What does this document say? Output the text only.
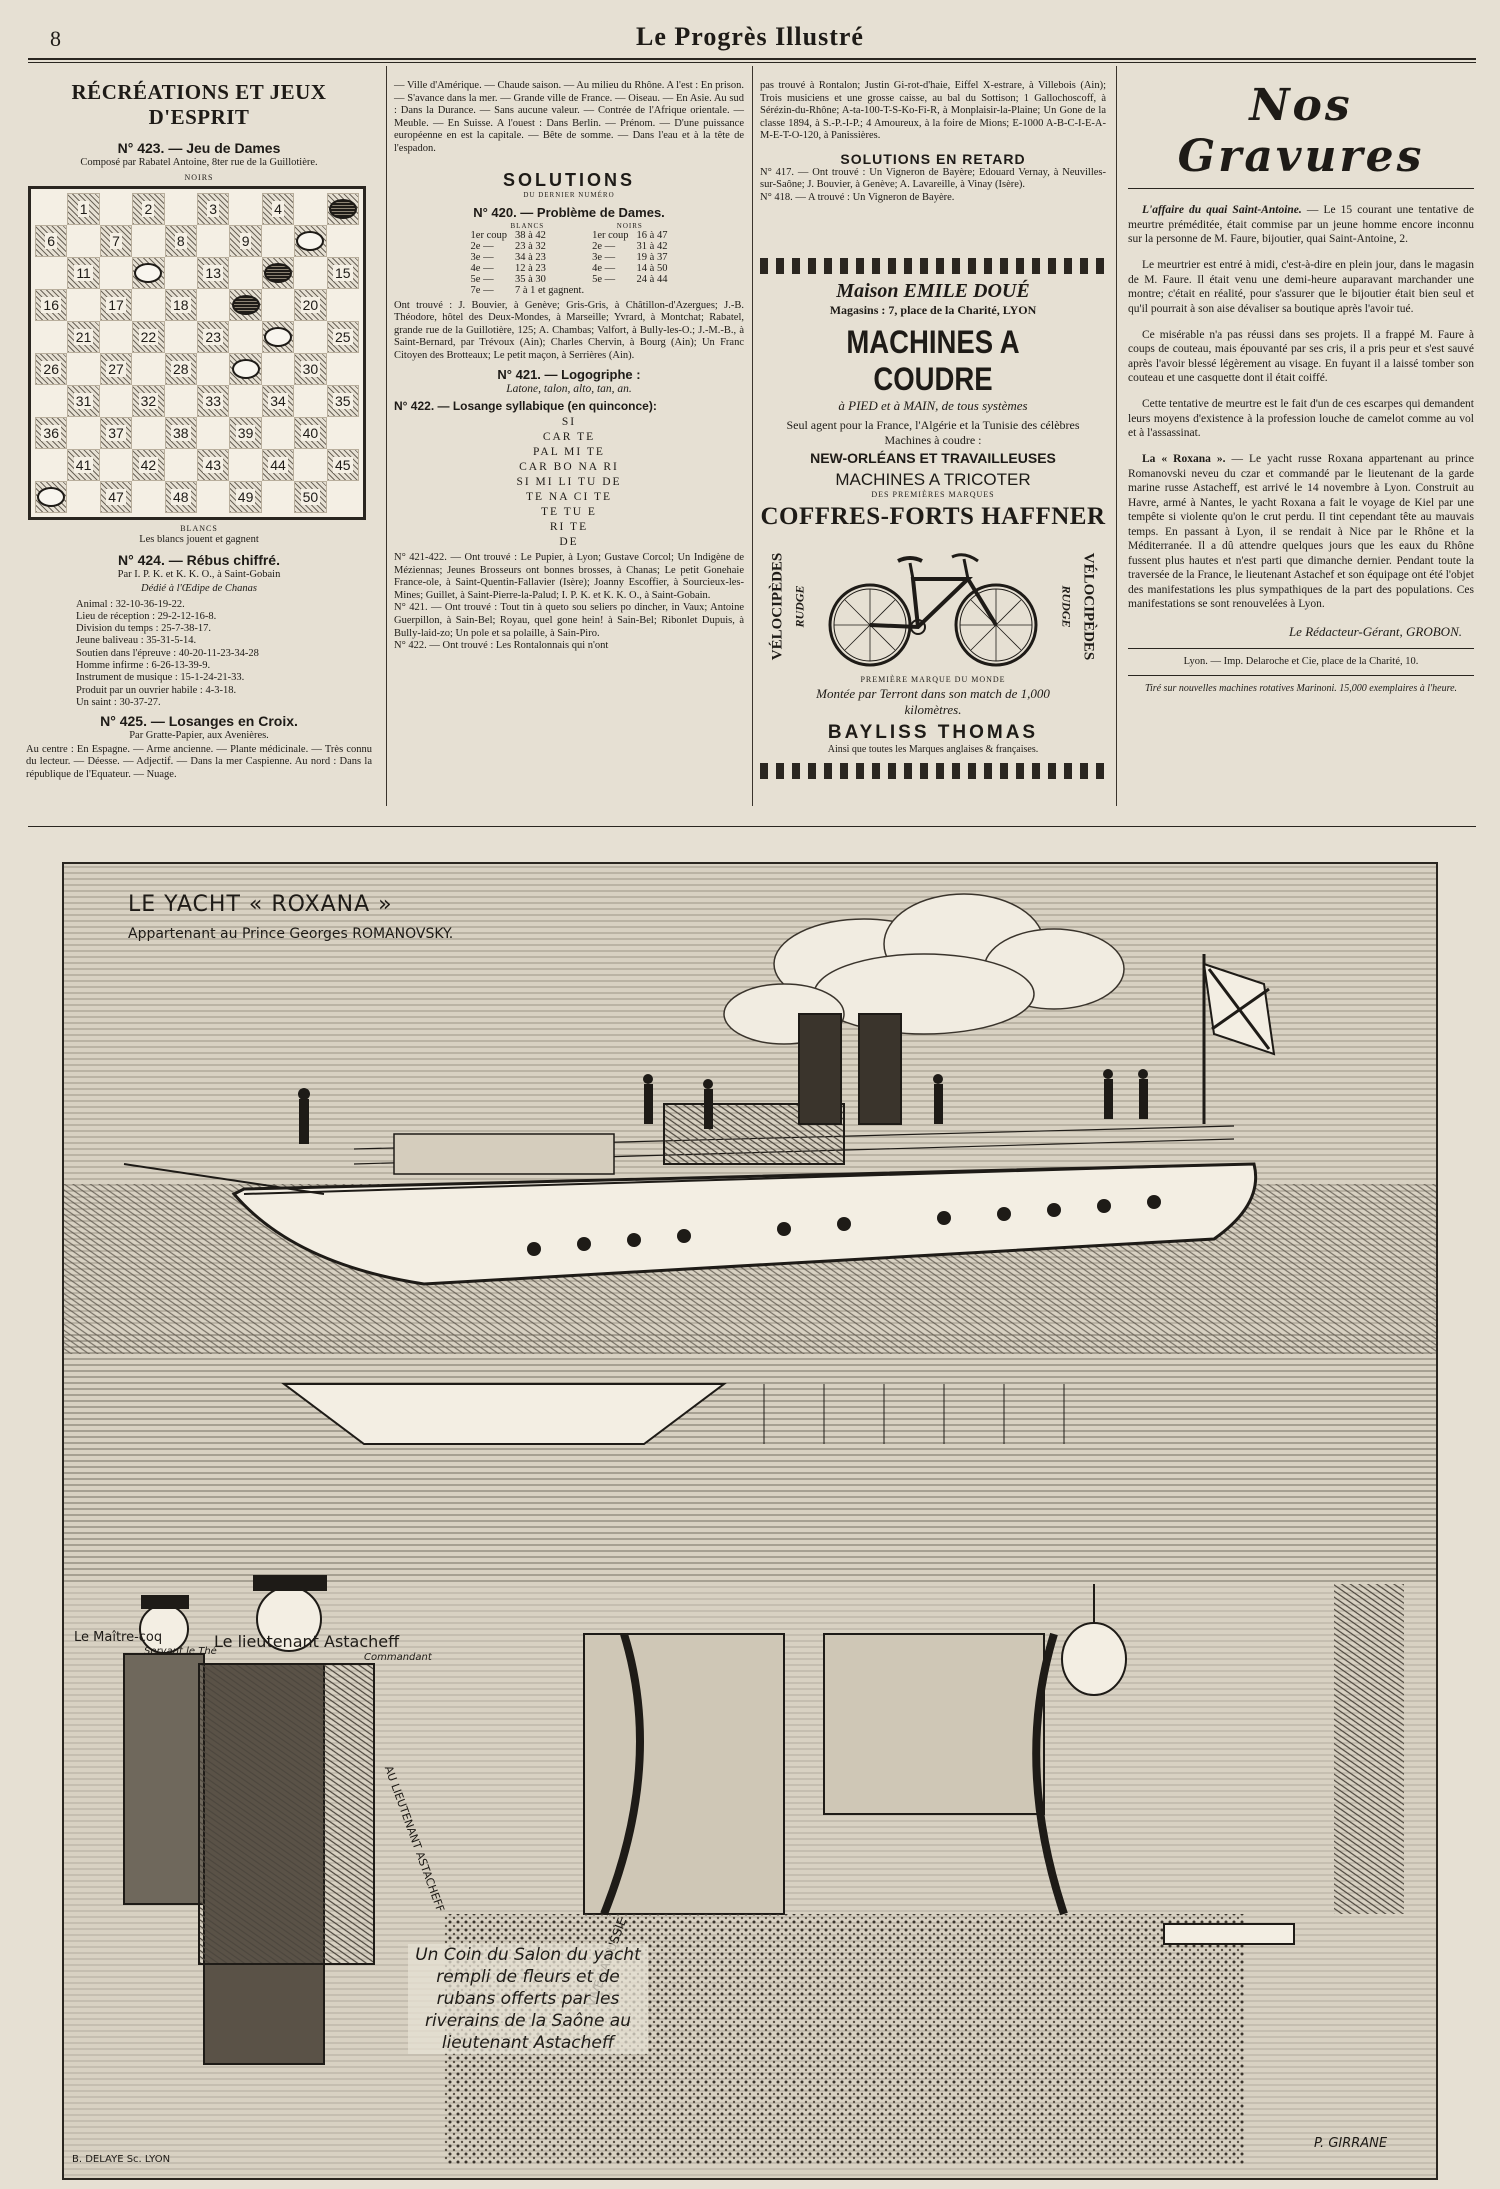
8	Le Progrès Illustré
RÉCRÉATIONS ET JEUX D'ESPRIT
N° 423. — Jeu de Dames
Composé par Rabatel Antoine, 8ter rue de la Guillotière.
NOIRS
1	2	3	4
6	7	8	9
11	13	15
16	17	18	20
21	22	23	25
26	27	28	30
31	32	33	34	35
36	37	38	39	40
41	42	43	44	45
47	48	49	50
BLANCS
Les blancs jouent et gagnent
N° 424. — Rébus chiffré.
Par I. P. K. et K. K. O., à Saint-Gobain
Dédié à l'Œdipe de Chanas
Animal : 32-10-36-19-22.
Lieu de réception : 29-2-12-16-8.
Division du temps : 25-7-38-17.
Jeune baliveau : 35-31-5-14.
Soutien dans l'épreuve : 40-20-11-23-34-28
Homme infirme : 6-26-13-39-9.
Instrument de musique : 15-1-24-21-33.
Produit par un ouvrier habile : 4-3-18.
Un saint : 30-37-27.
N° 425. — Losanges en Croix.
Par Gratte-Papier, aux Avenières.
Au centre : En Espagne. — Arme ancienne. — Plante médicinale. — Très connu du lecteur. — Déesse. — Adjectif. — Dans la mer Caspienne. Au nord : Dans la république de l'Equateur. — Nuage.
— Ville d'Amérique. — Chaude saison. — Au milieu du Rhône. A l'est : En prison. — S'avance dans la mer. — Grande ville de France. — Oiseau. — En Asie. Au sud : Dans la Durance. — Sans aucune valeur. — Contrée de l'Afrique orientale. — Meuble. — En Suisse. A l'ouest : Dans Berlin. — Prénom. — D'une puissance européenne en est la capitale. — Bête de somme. — Dans l'eau et à la tête de l'espadon.
SOLUTIONS
DU DERNIER NUMÉRO
N° 420. — Problème de Dames.
BLANCS		NOIRS	
1er coup	38 à 42	1er coup	16 à 47
2e —	23 à 32	2e —	31 à 42
3e —	34 à 23	3e —	19 à 37
4e —	12 à 23	4e —	14 à 50
5e —	35 à 30	5e —	24 à 44
7e —	7 à 1 et gagnent.		
Ont trouvé : J. Bouvier, à Genève; Gris-Gris, à Châtillon-d'Azergues; J.-B. Théodore, hôtel des Deux-Mondes, à Marseille; Yvrard, à Montchat; Rabatel, grande rue de la Guillotière, 125; A. Chambas; Valfort, à Bully-les-O.; J.-M.-B., à Saint-Bernard, par Trévoux (Ain); Charles Chervin, à Bourg (Ain); Un Franc Citoyen des Brotteaux; Le petit maçon, à Serrières (Ain).
N° 421. — Logogriphe :
Latone, talon, alto, tan, an.
N° 422. — Losange syllabique (en quinconce):
SI
CAR TE
PAL MI TE
CAR BO NA RI
SI MI LI TU DE
TE NA CI TE
TE TU E
RI TE
DE
N° 421-422. — Ont trouvé : Le Pupier, à Lyon; Gustave Corcol; Un Indigène de Méziennas; Jeunes Brosseurs ont bonnes brosses, à Chanas; Le petit Gonehaie France-ole, à Saint-Quentin-Fallavier (Isère); Joanny Escoffier, à Sourcieux-les-Mines; Guillet, à Saint-Pierre-la-Palud; I. P. K. et K. K. O., à Saint-Gobain.
N° 421. — Ont trouvé : Tout tin à queto sou seliers po dincher, in Vaux; Antoine Guerpillon, à Sain-Bel; Royau, quel gone hein! à Sain-Bel; Ribonlet Dupuis, à Bully-laid-zo; Un pole et sa polaille, à Sain-Piro.
N° 422. — Ont trouvé : Les Rontalonnais qui n'ont
pas trouvé à Rontalon; Justin Gi-rot-d'haie, Eiffel X-estrare, à Villebois (Ain); Trois musiciens et une grosse caisse, au bal du Sottison; 1 Gallochoscoff, à Sérézin-du-Rhône; A-ta-100-T-S-Ko-Fi-R, à Monplaisir-la-Plaine; Un Gone de la classe 1894, à S.-P.-I-P.; 4 Amoureux, à la foire de Mions; E-1000 A-B-C-I-E-A-M-E-T-O-120, à Panissières.
SOLUTIONS EN RETARD
N° 417. — Ont trouvé : Un Vigneron de Bayère; Edouard Vernay, à Neuvilles-sur-Saône; J. Bouvier, à Genève; A. Lavareille, à Vinay (Isère).
N° 418. — A trouvé : Un Vigneron de Bayère.
Maison EMILE DOUÉ
Magasins : 7, place de la Charité, LYON
MACHINES A COUDRE
à PIED et à MAIN, de tous systèmes
Seul agent pour la France, l'Algérie et la Tunisie des célèbres Machines à coudre :
NEW-ORLÉANS ET TRAVAILLEUSES
MACHINES A TRICOTER
DES PREMIÈRES MARQUES
COFFRES-FORTS HAFFNER
VÉLOCIPÈDES RUDGE	RUDGE VÉLOCIPÈDES
PREMIÈRE MARQUE DU MONDE
Montée par Terront dans son match de 1,000 kilomètres.
BAYLISS THOMAS
Ainsi que toutes les Marques anglaises & françaises.
Nos Gravures

L'affaire du quai Saint-Antoine. — Le 15 courant une tentative de meurtre préméditée, était commise par un jeune homme encore inconnu sur la personne de M. Faure, bijoutier, quai Saint-Antoine, 2.

Le meurtrier est entré à midi, c'est-à-dire en plein jour, dans le magasin de M. Faure. Il était venu une demi-heure auparavant marchander une montre; c'était en réalité, pour s'assurer que le bijoutier était bien seul et qu'il pourrait à son aise dévaliser sa boutique après l'avoir tué.

Ce misérable n'a pas réussi dans ses projets. Il a frappé M. Faure à coups de couteau, mais épouvanté par ses cris, il a pris peur et s'est sauvé après l'avoir blessé légèrement au visage. En fuyant il a laissé tomber son couteau et une casquette dont il était coiffé.

Cette tentative de meurtre est le fait d'un de ces escarpes qui demandent leurs moyens d'existence à la profession louche de camelot comme au vol et à l'assassinat.

La « Roxana ». — Le yacht russe Roxana appartenant au prince Romanovski neveu du czar et commandé par le lieutenant de la garde marine russe Astacheff, est arrivé le 14 novembre à Lyon. Construit au Havre, armé à Nantes, le yacht Roxana a fait le voyage de Kiel par une tempête si violente qu'on le crut perdu. Il tint cependant tête au mauvais temps. En passant à Lyon, il se rendait à Nice par le Rhône et la Méditerranée. Il a dû attendre quelques jours que les eaux du Rhône fussent plus hautes et n'est parti que dimanche dernier. Pendant toute la traversée de la France, le lieutenant Astachef et son équipage ont été l'objet des manifestations les plus sympathiques de la part des populations. Ces manifestations se sont renouvelées à Lyon.

Le Rédacteur-Gérant, GROBON.
Lyon. — Imp. Delaroche et Cie, place de la Charité, 10.
Tiré sur nouvelles machines rotatives Marinoni. 15,000 exemplaires à l'heure.
LE YACHT « ROXANA »
Appartenant au Prince Georges ROMANOVSKY.
Le Maître-coq
Servant le Thé
Le lieutenant Astacheff
Commandant
AU LIEUTENANT ASTACHEFF
Un Coin du Salon du yacht rempli de fleurs et de rubans offerts par les riverains de la Saône au lieutenant Astacheff
B. DELAYE Sc. LYON
P. GIRRANE
